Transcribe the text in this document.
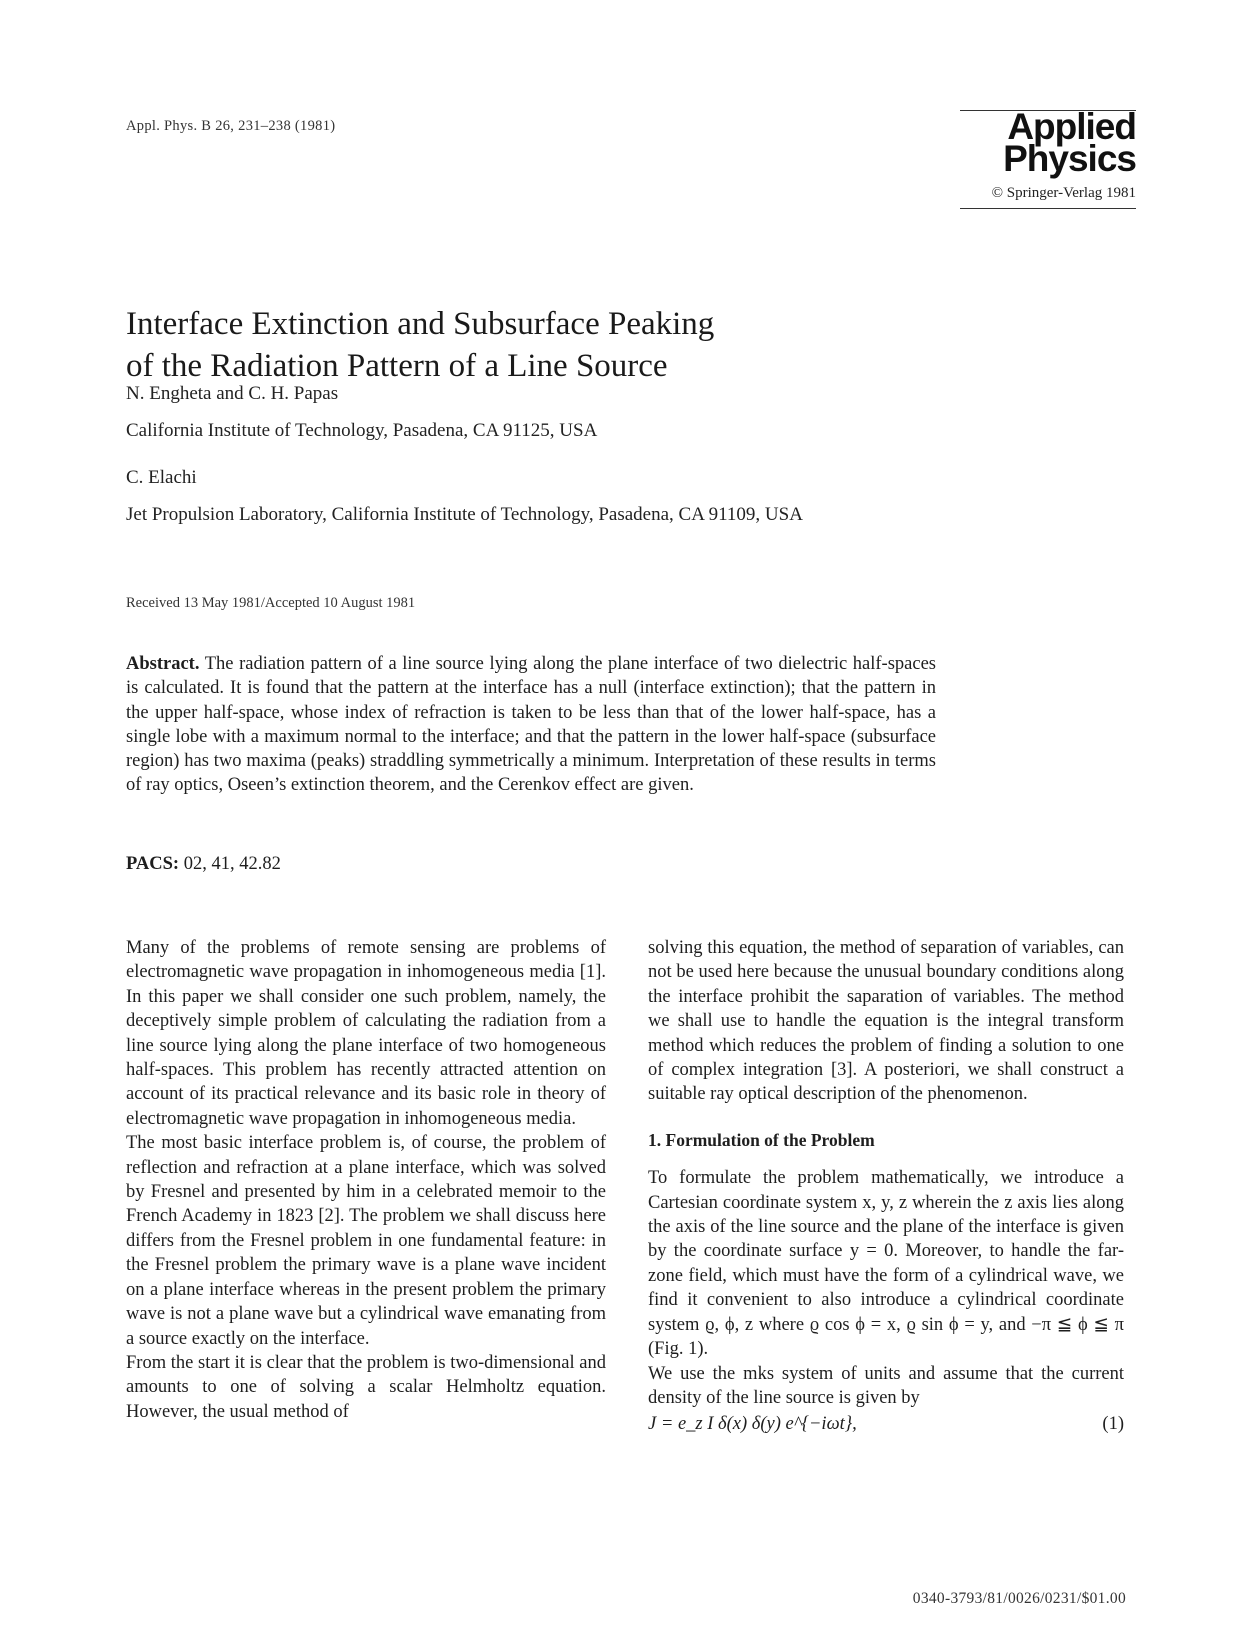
Appl. Phys. B 26, 231–238 (1981)	Applied
Physics
© Springer-Verlag 1981
Interface Extinction and Subsurface Peaking
of the Radiation Pattern of a Line Source
N. Engheta and C. H. Papas
California Institute of Technology, Pasadena, CA 91125, USA
C. Elachi
Jet Propulsion Laboratory, California Institute of Technology, Pasadena, CA 91109, USA
Received 13 May 1981/Accepted 10 August 1981
Abstract. The radiation pattern of a line source lying along the plane interface of two dielectric half-spaces is calculated. It is found that the pattern at the interface has a null (interface extinction); that the pattern in the upper half-space, whose index of refraction is taken to be less than that of the lower half-space, has a single lobe with a maximum normal to the interface; and that the pattern in the lower half-space (subsurface region) has two maxima (peaks) straddling symmetrically a minimum. Interpretation of these results in terms of ray optics, Oseen’s extinction theorem, and the Cerenkov effect are given.
PACS: 02, 41, 42.82

Many of the problems of remote sensing are problems of electromagnetic wave propagation in inhomogeneous media [1]. In this paper we shall consider one such problem, namely, the deceptively simple problem of calculating the radiation from a line source lying along the plane interface of two homogeneous half-spaces. This problem has recently attracted attention on account of its practical relevance and its basic role in theory of electromagnetic wave propagation in inhomogeneous media.

The most basic interface problem is, of course, the problem of reflection and refraction at a plane interface, which was solved by Fresnel and presented by him in a celebrated memoir to the French Academy in 1823 [2]. The problem we shall discuss here differs from the Fresnel problem in one fundamental feature: in the Fresnel problem the primary wave is a plane wave incident on a plane interface whereas in the present problem the primary wave is not a plane wave but a cylindrical wave emanating from a source exactly on the interface.

From the start it is clear that the problem is two-dimensional and amounts to one of solving a scalar Helmholtz equation. However, the usual method of

solving this equation, the method of separation of variables, can not be used here because the unusual boundary conditions along the interface prohibit the saparation of variables. The method we shall use to handle the equation is the integral transform method which reduces the problem of finding a solution to one of complex integration [3]. A posteriori, we shall construct a suitable ray optical description of the phenomenon.

1. Formulation of the Problem

To formulate the problem mathematically, we introduce a Cartesian coordinate system x, y, z wherein the z axis lies along the axis of the line source and the plane of the interface is given by the coordinate surface y = 0. Moreover, to handle the far-zone field, which must have the form of a cylindrical wave, we find it convenient to also introduce a cylindrical coordinate system ϱ, ϕ, z where ϱ cos ϕ = x, ϱ sin ϕ = y, and −π ≦ ϕ ≦ π (Fig. 1).

We use the mks system of units and assume that the current density of the line source is given by

J = e_z I δ(x) δ(y) e^{−iωt},	(1)
0340-3793/81/0026/0231/$01.00
